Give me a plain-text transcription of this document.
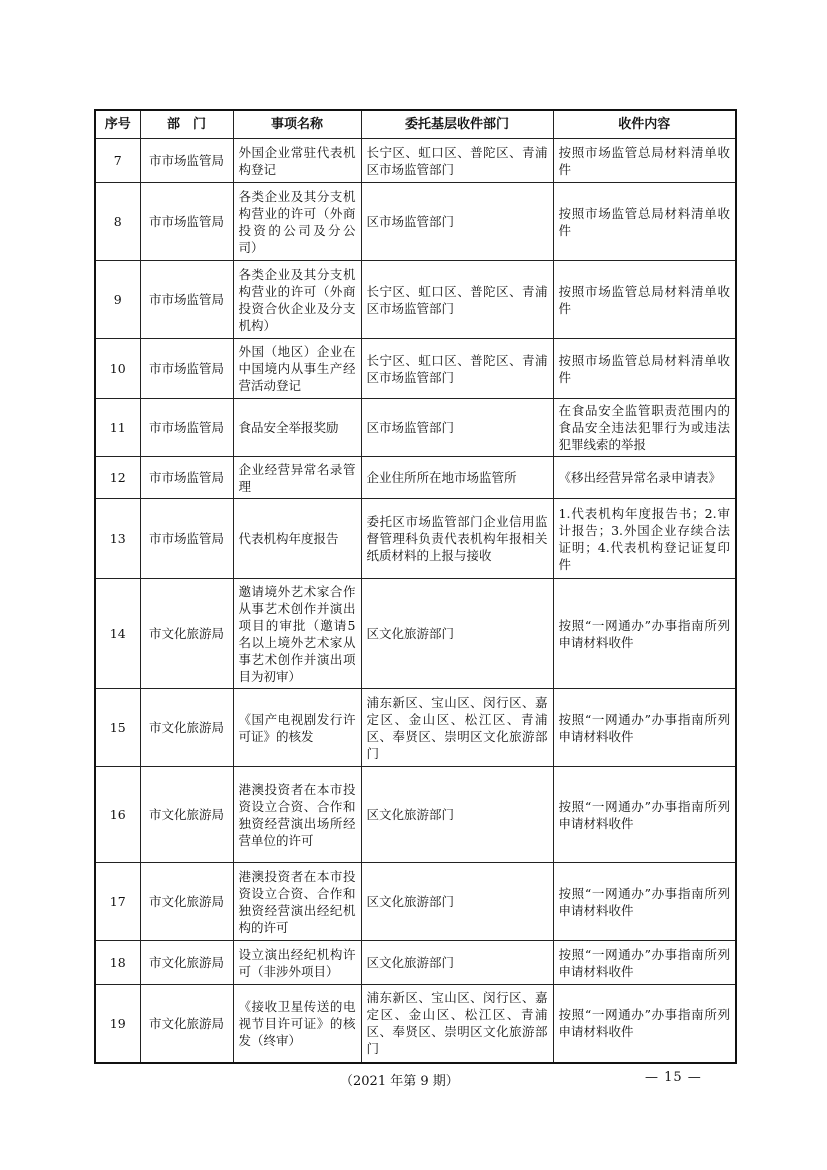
序号	部　门	事项名称	委托基层收件部门	收件内容
7	市市场监管局	外国企业常驻代表机构登记	长宁区、虹口区、普陀区、青浦区市场监管部门	按照市场监管总局材料清单收件
8	市市场监管局	各类企业及其分支机构营业的许可（外商投资的公司及分公司）	区市场监管部门	按照市场监管总局材料清单收件
9	市市场监管局	各类企业及其分支机构营业的许可（外商投资合伙企业及分支机构）	长宁区、虹口区、普陀区、青浦区市场监管部门	按照市场监管总局材料清单收件
10	市市场监管局	外国（地区）企业在中国境内从事生产经营活动登记	长宁区、虹口区、普陀区、青浦区市场监管部门	按照市场监管总局材料清单收件
11	市市场监管局	食品安全举报奖励	区市场监管部门	在食品安全监管职责范围内的食品安全违法犯罪行为或违法犯罪线索的举报
12	市市场监管局	企业经营异常名录管理	企业住所所在地市场监管所	《移出经营异常名录申请表》
13	市市场监管局	代表机构年度报告	委托区市场监管部门企业信用监督管理科负责代表机构年报相关纸质材料的上报与接收	1.代表机构年度报告书；2.审计报告；3.外国企业存续合法证明；4.代表机构登记证复印件
14	市文化旅游局	邀请境外艺术家合作从事艺术创作并演出项目的审批（邀请5名以上境外艺术家从事艺术创作并演出项目为初审）	区文化旅游部门	按照“一网通办”办事指南所列申请材料收件
15	市文化旅游局	《国产电视剧发行许可证》的核发	浦东新区、宝山区、闵行区、嘉定区、金山区、松江区、青浦区、奉贤区、崇明区文化旅游部门	按照“一网通办”办事指南所列申请材料收件
16	市文化旅游局	港澳投资者在本市投资设立合资、合作和独资经营演出场所经营单位的许可	区文化旅游部门	按照“一网通办”办事指南所列申请材料收件
17	市文化旅游局	港澳投资者在本市投资设立合资、合作和独资经营演出经纪机构的许可	区文化旅游部门	按照“一网通办”办事指南所列申请材料收件
18	市文化旅游局	设立演出经纪机构许可（非涉外项目）	区文化旅游部门	按照“一网通办”办事指南所列申请材料收件
19	市文化旅游局	《接收卫星传送的电视节目许可证》的核发（终审）	浦东新区、宝山区、闵行区、嘉定区、金山区、松江区、青浦区、奉贤区、崇明区文化旅游部门	按照“一网通办”办事指南所列申请材料收件
（2021 年第 9 期）	— 15 —
